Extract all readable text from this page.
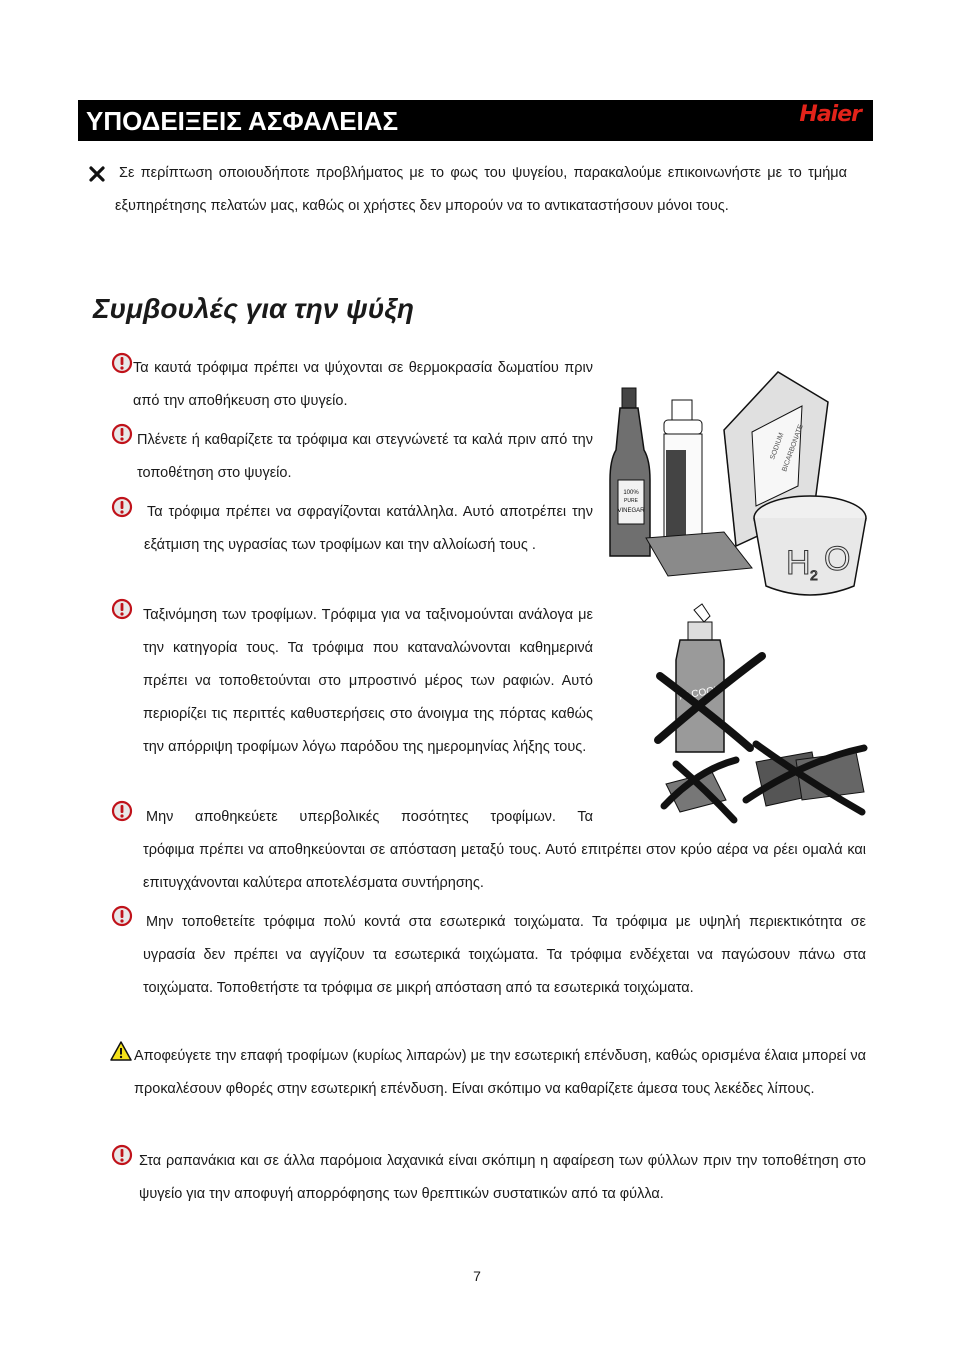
ΥΠΟΔΕΙΞΕΙΣ ΑΣΦΑΛΕΙΑΣ	Haier

Σε περίπτωση οποιουδήποτε προβλήματος με το φως του ψυγείου, παρακαλούμε επικοινωνήστε με το τμήμα εξυπηρέτησης πελατών μας, καθώς οι χρήστες δεν μπορούν να το αντικαταστήσουν μόνοι τους.

Συμβουλές για την ψύξη

Τα καυτά τρόφιμα πρέπει να ψύχονται σε θερμοκρασία δωματίου πριν από την αποθήκευση στο ψυγείο.

Πλένετε ή καθαρίζετε τα τρόφιμα και στεγνώνετέ τα καλά πριν από την τοποθέτηση στο ψυγείο.

Τα τρόφιμα πρέπει να σφραγίζονται κατάλληλα. Αυτό αποτρέπει την εξάτμιση της υγρασίας των τροφίμων και την αλλοίωσή τους .

Ταξινόμηση των τροφίμων. Τρόφιμα για να ταξινομούνται ανάλογα με την κατηγορία τους. Τα τρόφιμα που καταναλώνονται καθημερινά πρέπει να τοποθετούνται στο μπροστινό μέρος των ραφιών. Αυτό περιορίζει τις περιττές καθυστερήσεις στο άνοιγμα της πόρτας καθώς την απόρριψη τροφίμων λόγω παρόδου της ημερομηνίας λήξης τους.

Μην αποθηκεύετε υπερβολικές ποσότητες τροφίμων. Τα

τρόφιμα πρέπει να αποθηκεύονται σε απόσταση μεταξύ τους. Αυτό επιτρέπει στον κρύο αέρα να ρέει ομαλά και επιτυγχάνονται καλύτερα αποτελέσματα συντήρησης.

Μην τοποθετείτε τρόφιμα πολύ κοντά στα εσωτερικά τοιχώματα. Τα τρόφιμα με υψηλή περιεκτικότητα σε υγρασία δεν πρέπει να αγγίζουν τα εσωτερικά τοιχώματα. Τα τρόφιμα ενδέχεται να παγώσουν πάνω στα τοιχώματα. Τοποθετήστε τα τρόφιμα σε μικρή απόσταση από τα εσωτερικά τοιχώματα.

Αποφεύγετε την επαφή τροφίμων (κυρίως λιπαρών) με την εσωτερική επένδυση, καθώς ορισμένα έλαια μπορεί να προκαλέσουν φθορές στην εσωτερική επένδυση. Είναι σκόπιμο να καθαρίζετε άμεσα τους λεκέδες λίπους.

Στα ραπανάκια και σε άλλα παρόμοια λαχανικά είναι σκόπιμη η αφαίρεση των φύλλων πριν την τοποθέτηση στο ψυγείο για την αποφυγή απορρόφησης των θρεπτικών συστατικών από τα φύλλα.

100%
PURE
VINEGAR
SODIUM
BICARBONATE
H 2 O
ALCOOL
7
